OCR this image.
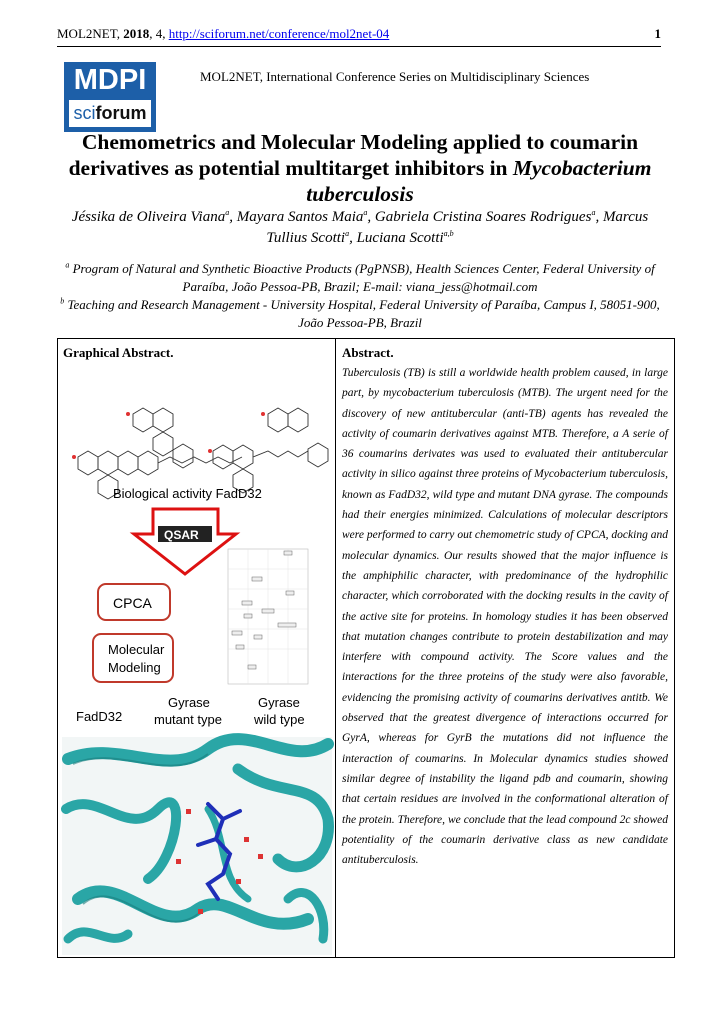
MOL2NET, 2018, 4, http://sciforum.net/conference/mol2net-04	1
MDPI
sciforum
MOL2NET, International Conference Series on Multidisciplinary Sciences
Chemometrics and Molecular Modeling applied to coumarin derivatives as potential multitarget inhibitors in Mycobacterium tuberculosis
Jéssika de Oliveira Viana$^a$, Mayara Santos Maia$^a$, Gabriela Cristina Soares Rodrigues$^a$, Marcus Tullius Scotti$^a$, Luciana Scotti$^{a,b}$
$^a$ Program of Natural and Synthetic Bioactive Products (PgPNSB), Health Sciences Center, Federal University of Paraíba, João Pessoa-PB, Brazil; E-mail: viana_jess@hotmail.com
$^b$ Teaching and Research Management - University Hospital, Federal University of Paraíba, Campus I, 58051-900, João Pessoa-PB, Brazil
Abstract.
Tuberculosis (TB) is still a worldwide health problem caused, in large part, by mycobacterium tuberculosis (MTB). The urgent need for the discovery of new antitubercular (anti-TB) agents has revealed the activity of coumarin derivatives against MTB. Therefore, a A serie of 36 coumarins derivates was used to evaluated their antitubercular activity in silico against three proteins of Mycobacterium tuberculosis, known as FadD32, wild type and mutant DNA gyrase. The compounds had their energies minimized. Calculations of molecular descriptors were performed to carry out chemometric study of CPCA, docking and molecular dynamics. Our results showed that the major influence is the amphiphilic character, with predominance of the hydrophilic character, which corroborated with the docking results in the cavity of the active site for proteins. In homology studies it has been observed that mutation changes contribute to protein destabilization and may interfere with compound activity. The Score values and the interactions for the three proteins of the study were also favorable, evidencing the promising activity of coumarins derivatives antitb. We observed that the greatest divergence of interactions occurred for GyrA, whereas for GyrB the mutations did not influence the interaction of coumarins. In Molecular dynamics studies showed similar degree of instability the ligand pdb and coumarin, showing that certain residues are involved in the conformational alteration of the protein. Therefore, we conclude that the lead compound 2c showed potentiality of the coumarin derivative class as new candidate antituberculosis.
Biological activity FadD32
QSAR
CPCA
Molecular
Modeling
FadD32
Gyrase
mutant type
Gyrase
wild type
Graphical Abstract.
